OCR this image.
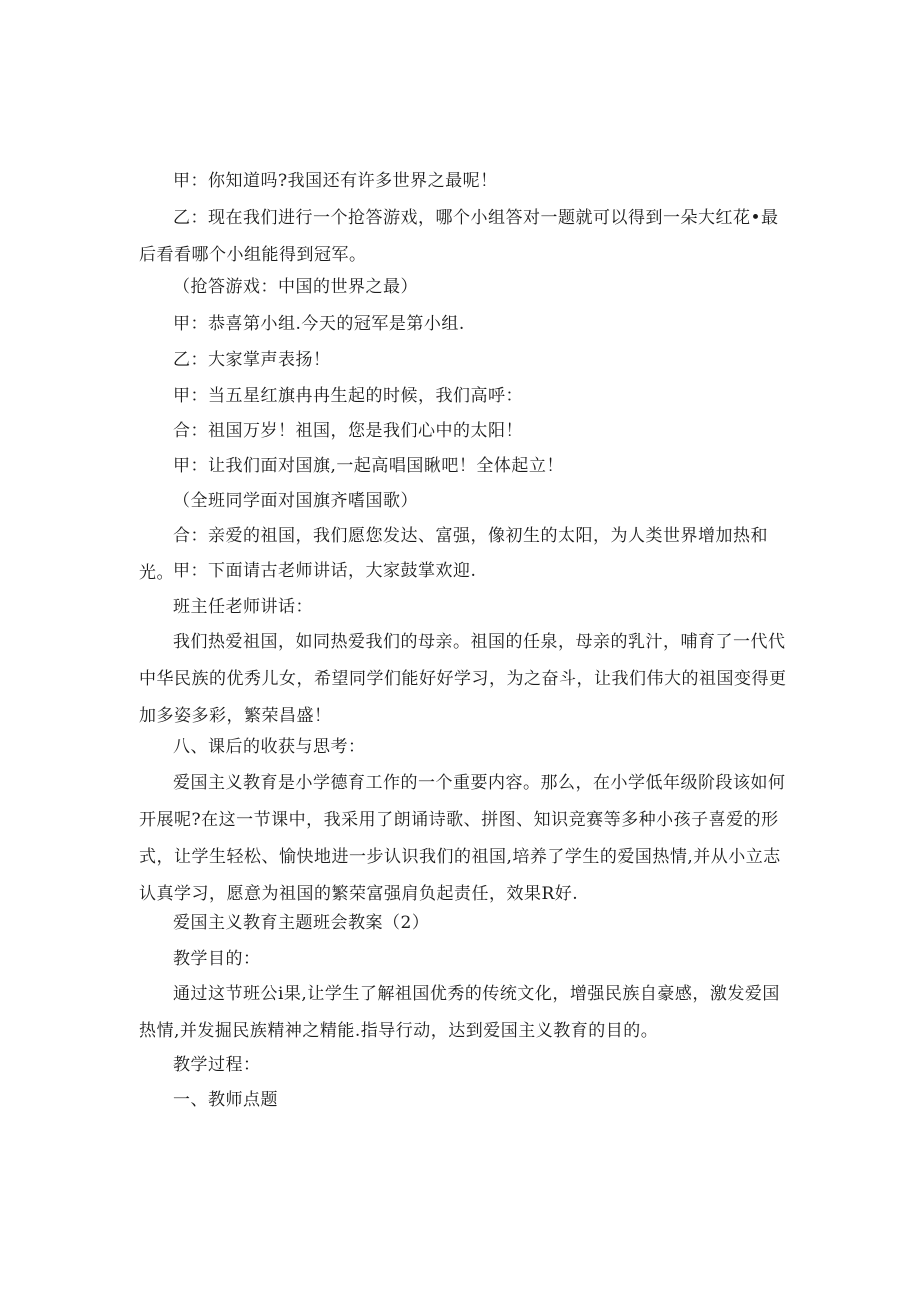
甲：你知道吗?我国还有许多世界之最呢！

乙：现在我们进行一个抢答游戏，哪个小组答对一题就可以得到一朵大红花•最后看看哪个小组能得到冠军。

（抢答游戏：中国的世界之最）

甲：恭喜第小组.今天的冠军是第小组.

乙：大家掌声表扬！

甲：当五星红旗冉冉生起的时候，我们高呼：

合：祖国万岁！祖国，您是我们心中的太阳！

甲：让我们面对国旗,一起高唱国瞅吧！全体起立！

（全班同学面对国旗齐嗜国歌）

合：亲爱的祖国，我们愿您发达、富强，像初生的太阳，为人类世界增加热和光。 甲：下面请古老师讲话，大家鼓掌欢迎.

班主任老师讲话：

我们热爱祖国，如同热爱我们的母亲。祖国的任泉，母亲的乳汁，哺育了一代代中华民族的优秀儿女，希望同学们能好好学习，为之奋斗，让我们伟大的祖国变得更加多姿多彩，繁荣昌盛！

八、课后的收获与思考：

爱国主义教育是小学德育工作的一个重要内容。那么，在小学低年级阶段该如何开展呢?在这一节课中，我采用了朗诵诗歌、拼图、知识竞赛等多种小孩子喜爱的形式，让学生轻松、愉快地进一步认识我们的祖国,培养了学生的爱国热情,并从小立志认真学习，愿意为祖国的繁荣富强肩负起责任，效果R好.

爱国主义教育主题班会教案（2）

教学目的：

通过这节班公i果,让学生了解祖国优秀的传统文化，增强民族自豪感，激发爱国热情,并发掘民族精神之精能.指导行动，达到爱国主义教育的目的。

教学过程：

一、教师点题
